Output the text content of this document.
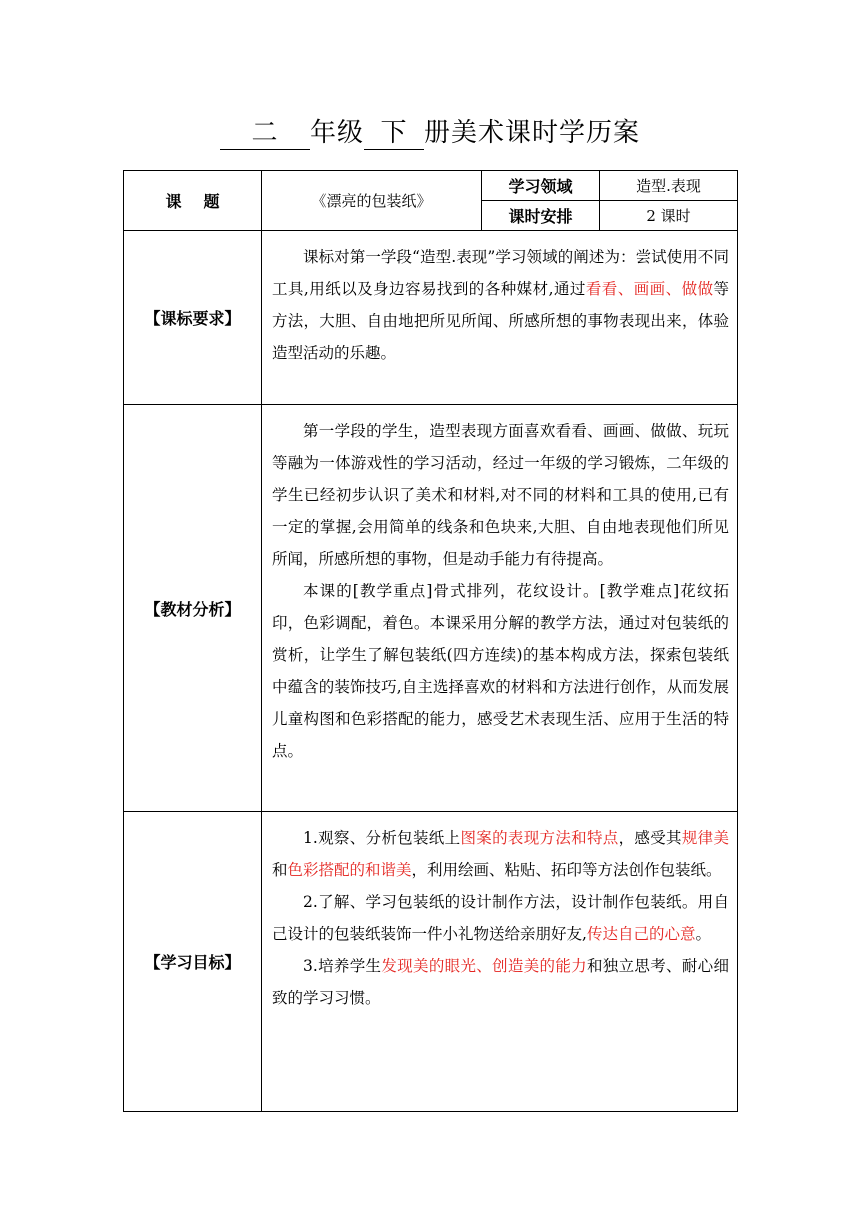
二 年级 下 册美术课时学历案
课题	《漂亮的包装纸》	学习领域	造型.表现
		课时安排	2 课时
【课标要求】	课标对第一学段“造型.表现”学习领域的阐述为：尝试使用不同工具,用纸以及身边容易找到的各种媒材,通过看看、画画、做做等方法，大胆、自由地把所见所闻、所感所想的事物表现出来，体验造型活动的乐趣。		

【教材分析】	第一学段的学生，造型表现方面喜欢看看、画画、做做、玩玩等融为一体游戏性的学习活动，经过一年级的学习锻炼，二年级的学生已经初步认识了美术和材料,对不同的材料和工具的使用,已有一定的掌握,会用简单的线条和色块来,大胆、自由地表现他们所见所闻，所感所想的事物，但是动手能力有待提高。

本课的[教学重点]骨式排列，花纹设计。[教学难点]花纹拓印，色彩调配，着色。本课采用分解的教学方法，通过对包装纸的赏析，让学生了解包装纸(四方连续)的基本构成方法，探索包装纸中蕴含的装饰技巧,自主选择喜欢的材料和方法进行创作，从而发展儿童构图和色彩搭配的能力，感受艺术表现生活、应用于生活的特点。		

【学习目标】	1.观察、分析包装纸上图案的表现方法和特点，感受其规律美和色彩搭配的和谐美，利用绘画、粘贴、拓印等方法创作包装纸。

2.了解、学习包装纸的设计制作方法，设计制作包装纸。用自己设计的包装纸装饰一件小礼物送给亲朋好友,传达自己的心意。

3.培养学生发现美的眼光、创造美的能力和独立思考、耐心细致的学习习惯。		
